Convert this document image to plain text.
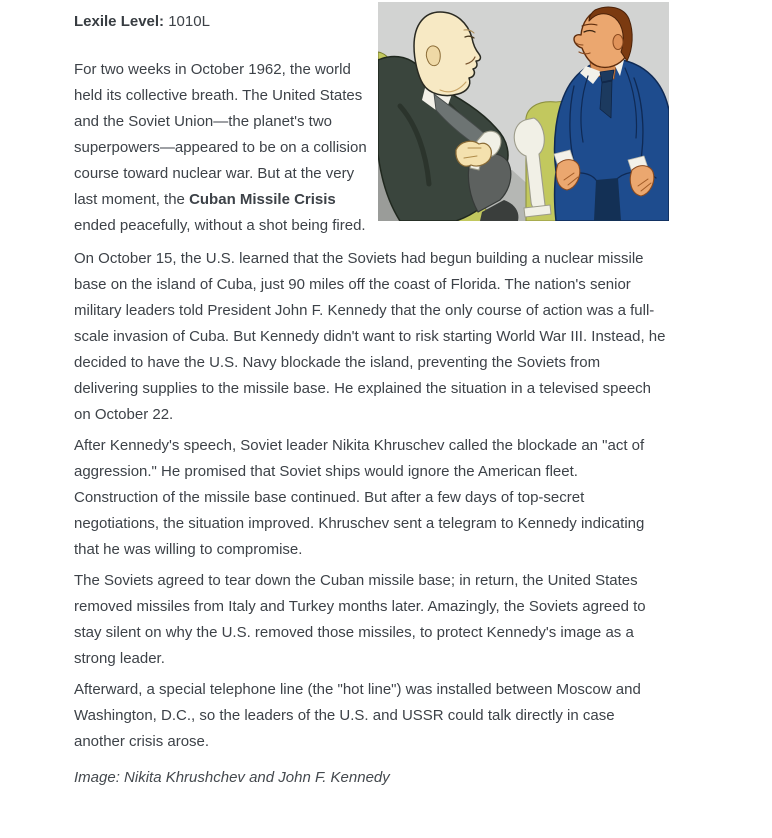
Lexile Level: 1010L

For two weeks in October 1962, the world held its collective breath. The United States and the Soviet Union—the planet's two superpowers—appeared to be on a collision course toward nuclear war. But at the very last moment, the Cuban Missile Crisis ended peacefully, without a shot being fired.

On October 15, the U.S. learned that the Soviets had begun building a nuclear missile base on the island of Cuba, just 90 miles off the coast of Florida. The nation's senior military leaders told President John F. Kennedy that the only course of action was a full-scale invasion of Cuba. But Kennedy didn't want to risk starting World War III. Instead, he decided to have the U.S. Navy blockade the island, preventing the Soviets from delivering supplies to the missile base. He explained the situation in a televised speech on October 22.

After Kennedy's speech, Soviet leader Nikita Khruschev called the blockade an "act of aggression." He promised that Soviet ships would ignore the American fleet. Construction of the missile base continued. But after a few days of top-secret negotiations, the situation improved. Khruschev sent a telegram to Kennedy indicating that he was willing to compromise.

The Soviets agreed to tear down the Cuban missile base; in return, the United States removed missiles from Italy and Turkey months later. Amazingly, the Soviets agreed to stay silent on why the U.S. removed those missiles, to protect Kennedy's image as a strong leader.

Afterward, a special telephone line (the "hot line") was installed between Moscow and Washington, D.C., so the leaders of the U.S. and USSR could talk directly in case another crisis arose.

Image: Nikita Khrushchev and John F. Kennedy
